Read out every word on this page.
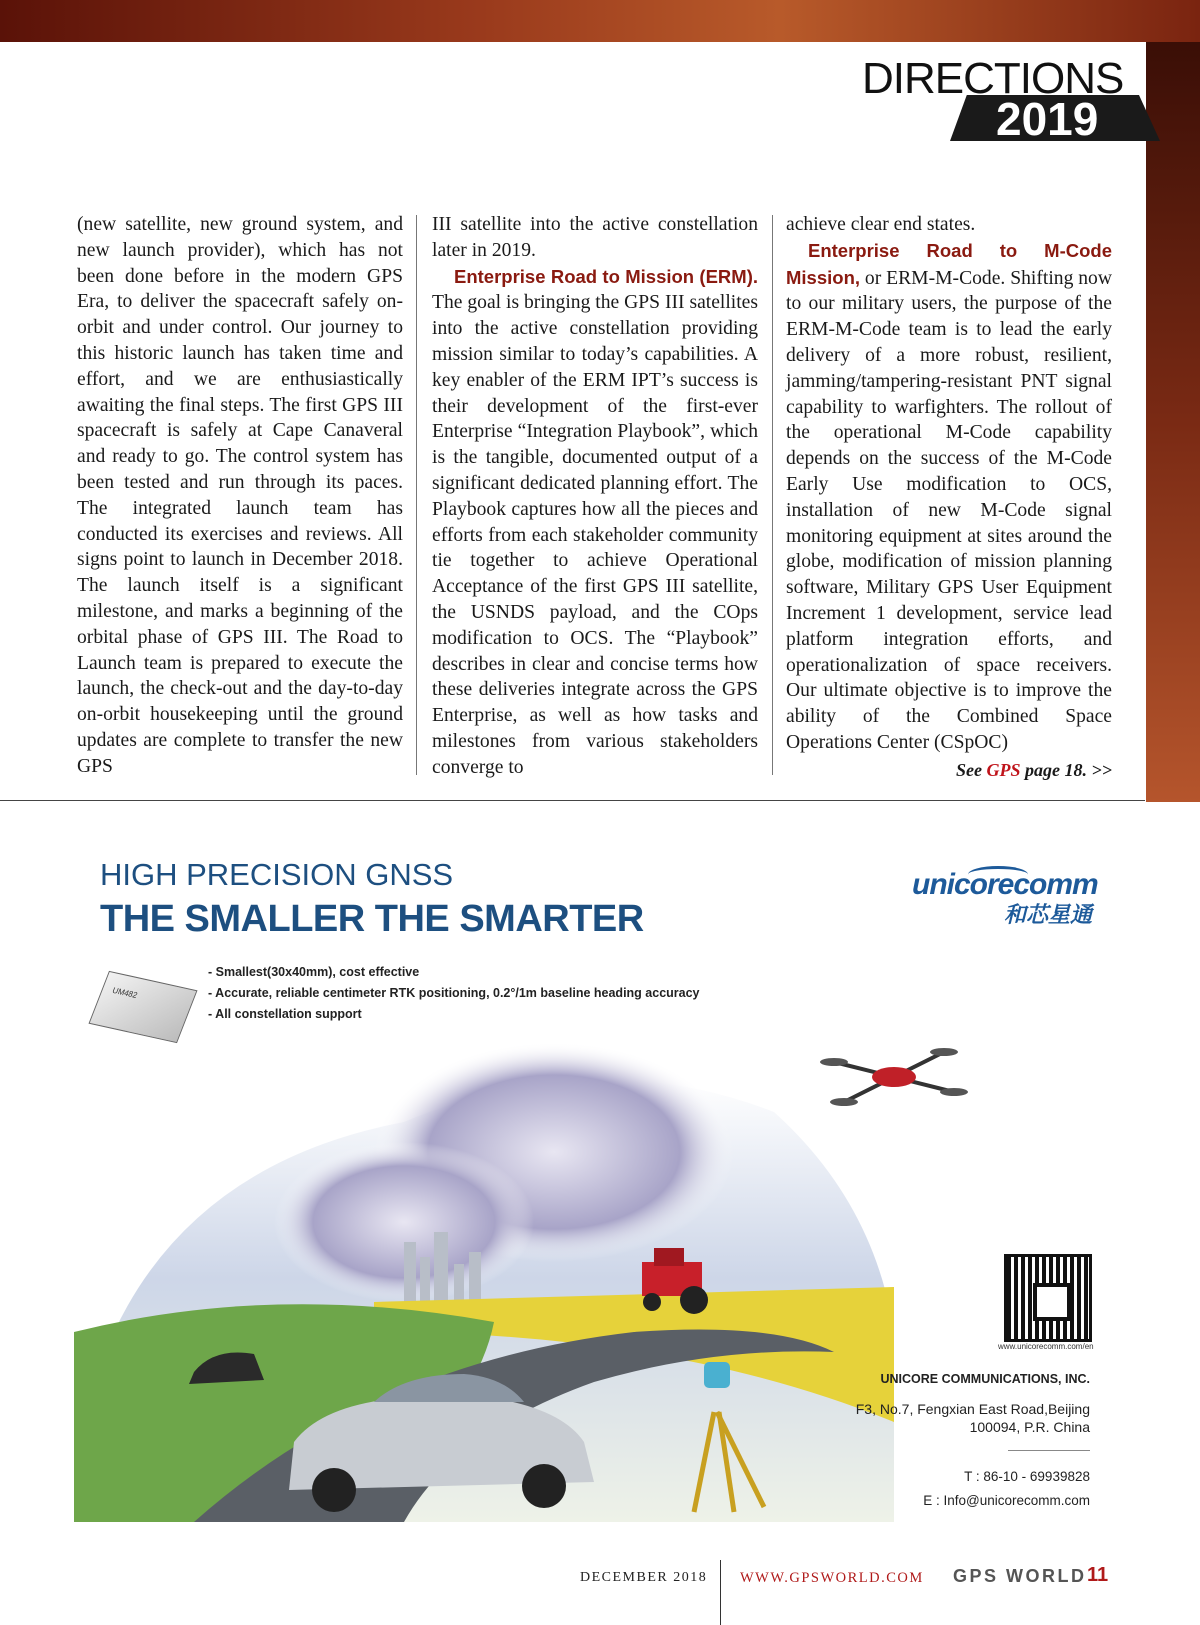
DIRECTIONS
2019

(new satellite, new ground system, and new launch provider), which has not been done before in the modern GPS Era, to deliver the spacecraft safely on-orbit and under control. Our journey to this historic launch has taken time and effort, and we are enthusiastically awaiting the final steps. The first GPS III spacecraft is safely at Cape Canaveral and ready to go. The control system has been tested and run through its paces. The integrated launch team has conducted its exercises and reviews. All signs point to launch in December 2018. The launch itself is a significant milestone, and marks a beginning of the orbital phase of GPS III. The Road to Launch team is prepared to execute the launch, the check-out and the day-to-day on-orbit housekeeping until the ground updates are complete to transfer the new GPS

III satellite into the active constellation later in 2019.

Enterprise Road to Mission (ERM). The goal is bringing the GPS III satellites into the active constellation providing mission similar to today’s capabilities. A key enabler of the ERM IPT’s success is their development of the first-ever Enterprise “Integration Playbook”, which is the tangible, documented output of a significant dedicated planning effort. The Playbook captures how all the pieces and efforts from each stakeholder community tie together to achieve Operational Acceptance of the first GPS III satellite, the USNDS payload, and the COps modification to OCS. The “Playbook” describes in clear and concise terms how these deliveries integrate across the GPS Enterprise, as well as how tasks and milestones from various stakeholders converge to

achieve clear end states.

Enterprise Road to M-Code Mission, or ERM-M-Code. Shifting now to our military users, the purpose of the ERM-M-Code team is to lead the early delivery of a more robust, resilient, jamming/tampering-resistant PNT signal capability to warfighters. The rollout of the operational M-Code capability depends on the success of the M-Code Early Use modification to OCS, installation of new M-Code signal monitoring equipment at sites around the globe, modification of mission planning software, Military GPS User Equipment Increment 1 development, service lead platform integration efforts, and operationalization of space receivers. Our ultimate objective is to improve the ability of the Combined Space Operations Center (CSpOC)

See GPS page 18. >>
HIGH PRECISION GNSS
THE SMALLER THE SMARTER
unicorecomm
和芯星通
UM482
- Smallest(30x40mm), cost effective
- Accurate, reliable centimeter RTK positioning, 0.2°/1m baseline heading accuracy
- All constellation support
www.unicorecomm.com/en
UNICORE COMMUNICATIONS, INC.
F3, No.7, Fengxian East Road,Beijing
100094, P.R. China
T : 86-10 - 69939828
E : Info@unicorecomm.com
DECEMBER 2018 WWW.GPSWORLD.COM GPS WORLD 11
